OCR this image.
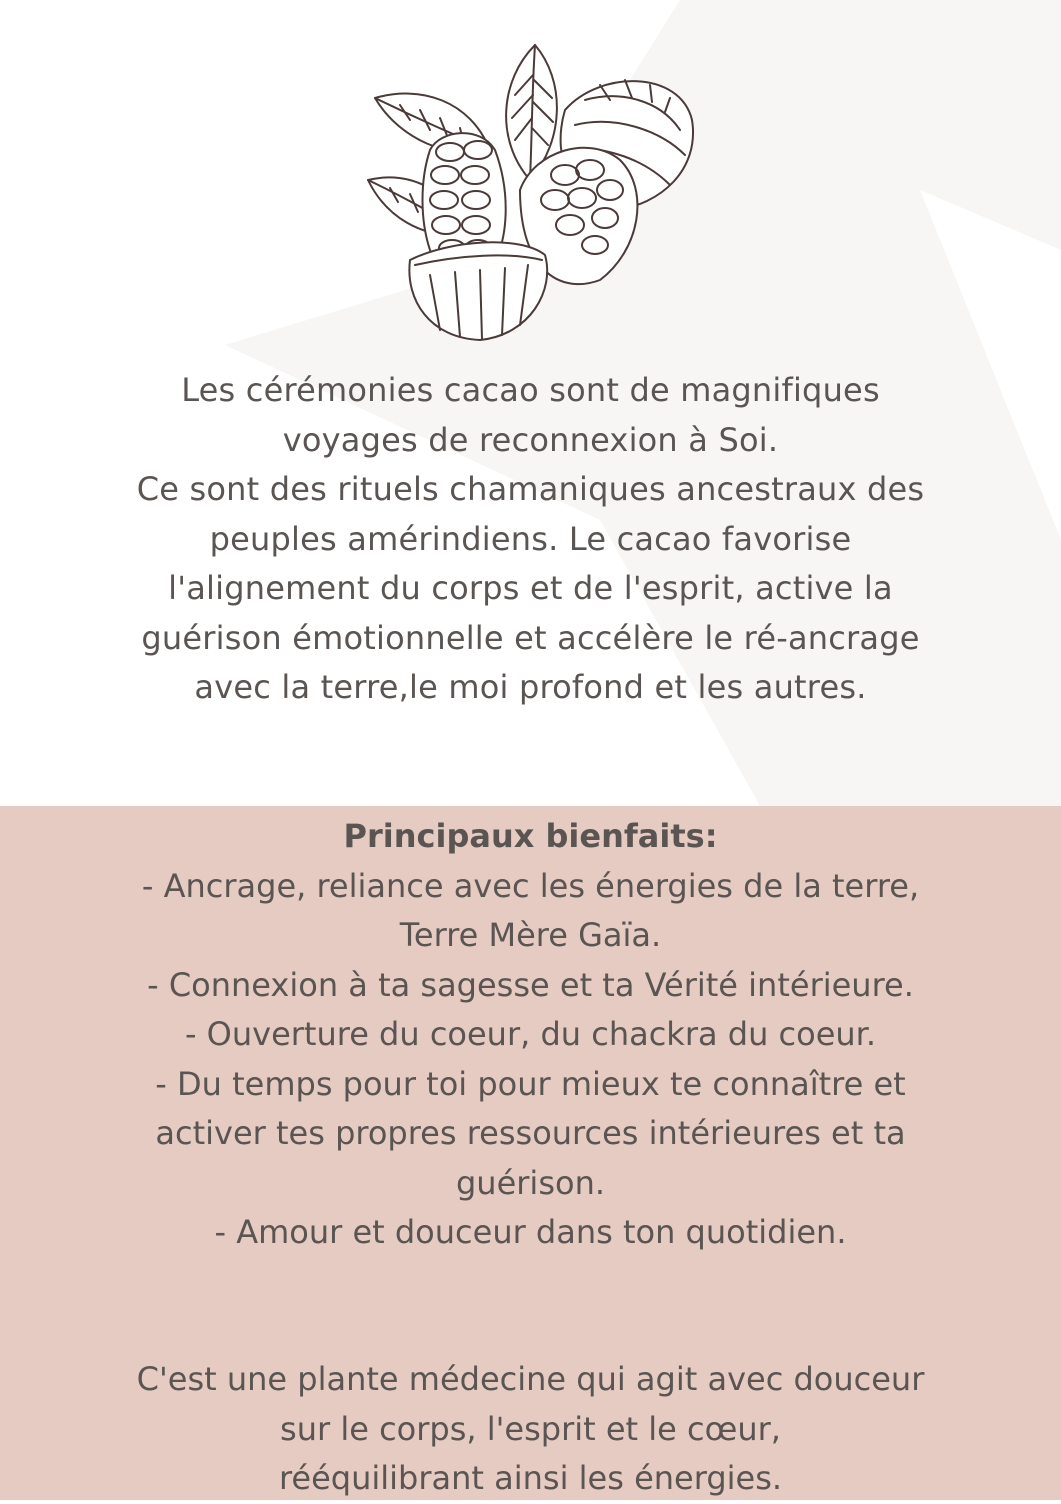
Les cérémonies cacao sont de magnifiques

voyages de reconnexion à Soi.

Ce sont des rituels chamaniques ancestraux des

peuples amérindiens. Le cacao favorise

l'alignement du corps et de l'esprit, active la

guérison émotionnelle et accélère le ré-ancrage

avec la terre,le moi profond et les autres.

Principaux bienfaits:

- Ancrage, reliance avec les énergies de la terre,

Terre Mère Gaïa.

- Connexion à ta sagesse et ta Vérité intérieure.

- Ouverture du coeur, du chackra du coeur.

- Du temps pour toi pour mieux te connaître et

activer tes propres ressources intérieures et ta

guérison.

- Amour et douceur dans ton quotidien.

C'est une plante médecine qui agit avec douceur

sur le corps, l'esprit et le cœur,

rééquilibrant ainsi les énergies.
